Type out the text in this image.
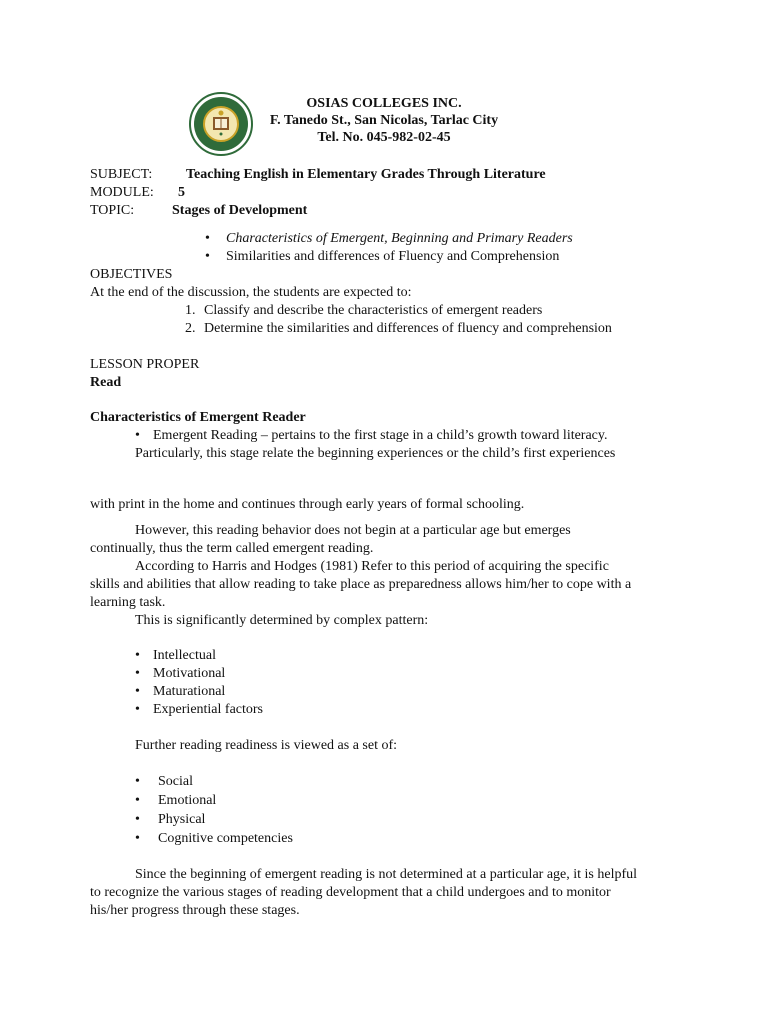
OSIAS COLLEGES INC.
F. Tanedo St., San Nicolas, Tarlac City
Tel. No. 045-982-02-45
SUBJECT: Teaching English in Elementary Grades Through Literature
MODULE: 5
TOPIC:	Stages of Development
• Characteristics of Emergent, Beginning and Primary Readers
• Similarities and differences of Fluency and Comprehension
OBJECTIVES
At the end of the discussion, the students are expected to:
1. Classify and describe the characteristics of emergent readers
2. Determine the similarities and differences of fluency and comprehension
LESSON PROPER
Read
Characteristics of Emergent Reader
• Emergent Reading – pertains to the first stage in a child’s growth toward literacy.
Particularly, this stage relate the beginning experiences or the child’s first experiences
with print in the home and continues through early years of formal schooling.
However, this reading behavior does not begin at a particular age but emerges
continually, thus the term called emergent reading.
According to Harris and Hodges (1981) Refer to this period of acquiring the specific
skills and abilities that allow reading to take place as preparedness allows him/her to cope with a
learning task.
This is significantly determined by complex pattern:
• Intellectual
• Motivational
• Maturational
• Experiential factors
Further reading readiness is viewed as a set of:
• Social
• Emotional
• Physical
• Cognitive competencies
Since the beginning of emergent reading is not determined at a particular age, it is helpful
to recognize the various stages of reading development that a child undergoes and to monitor
his/her progress through these stages.
